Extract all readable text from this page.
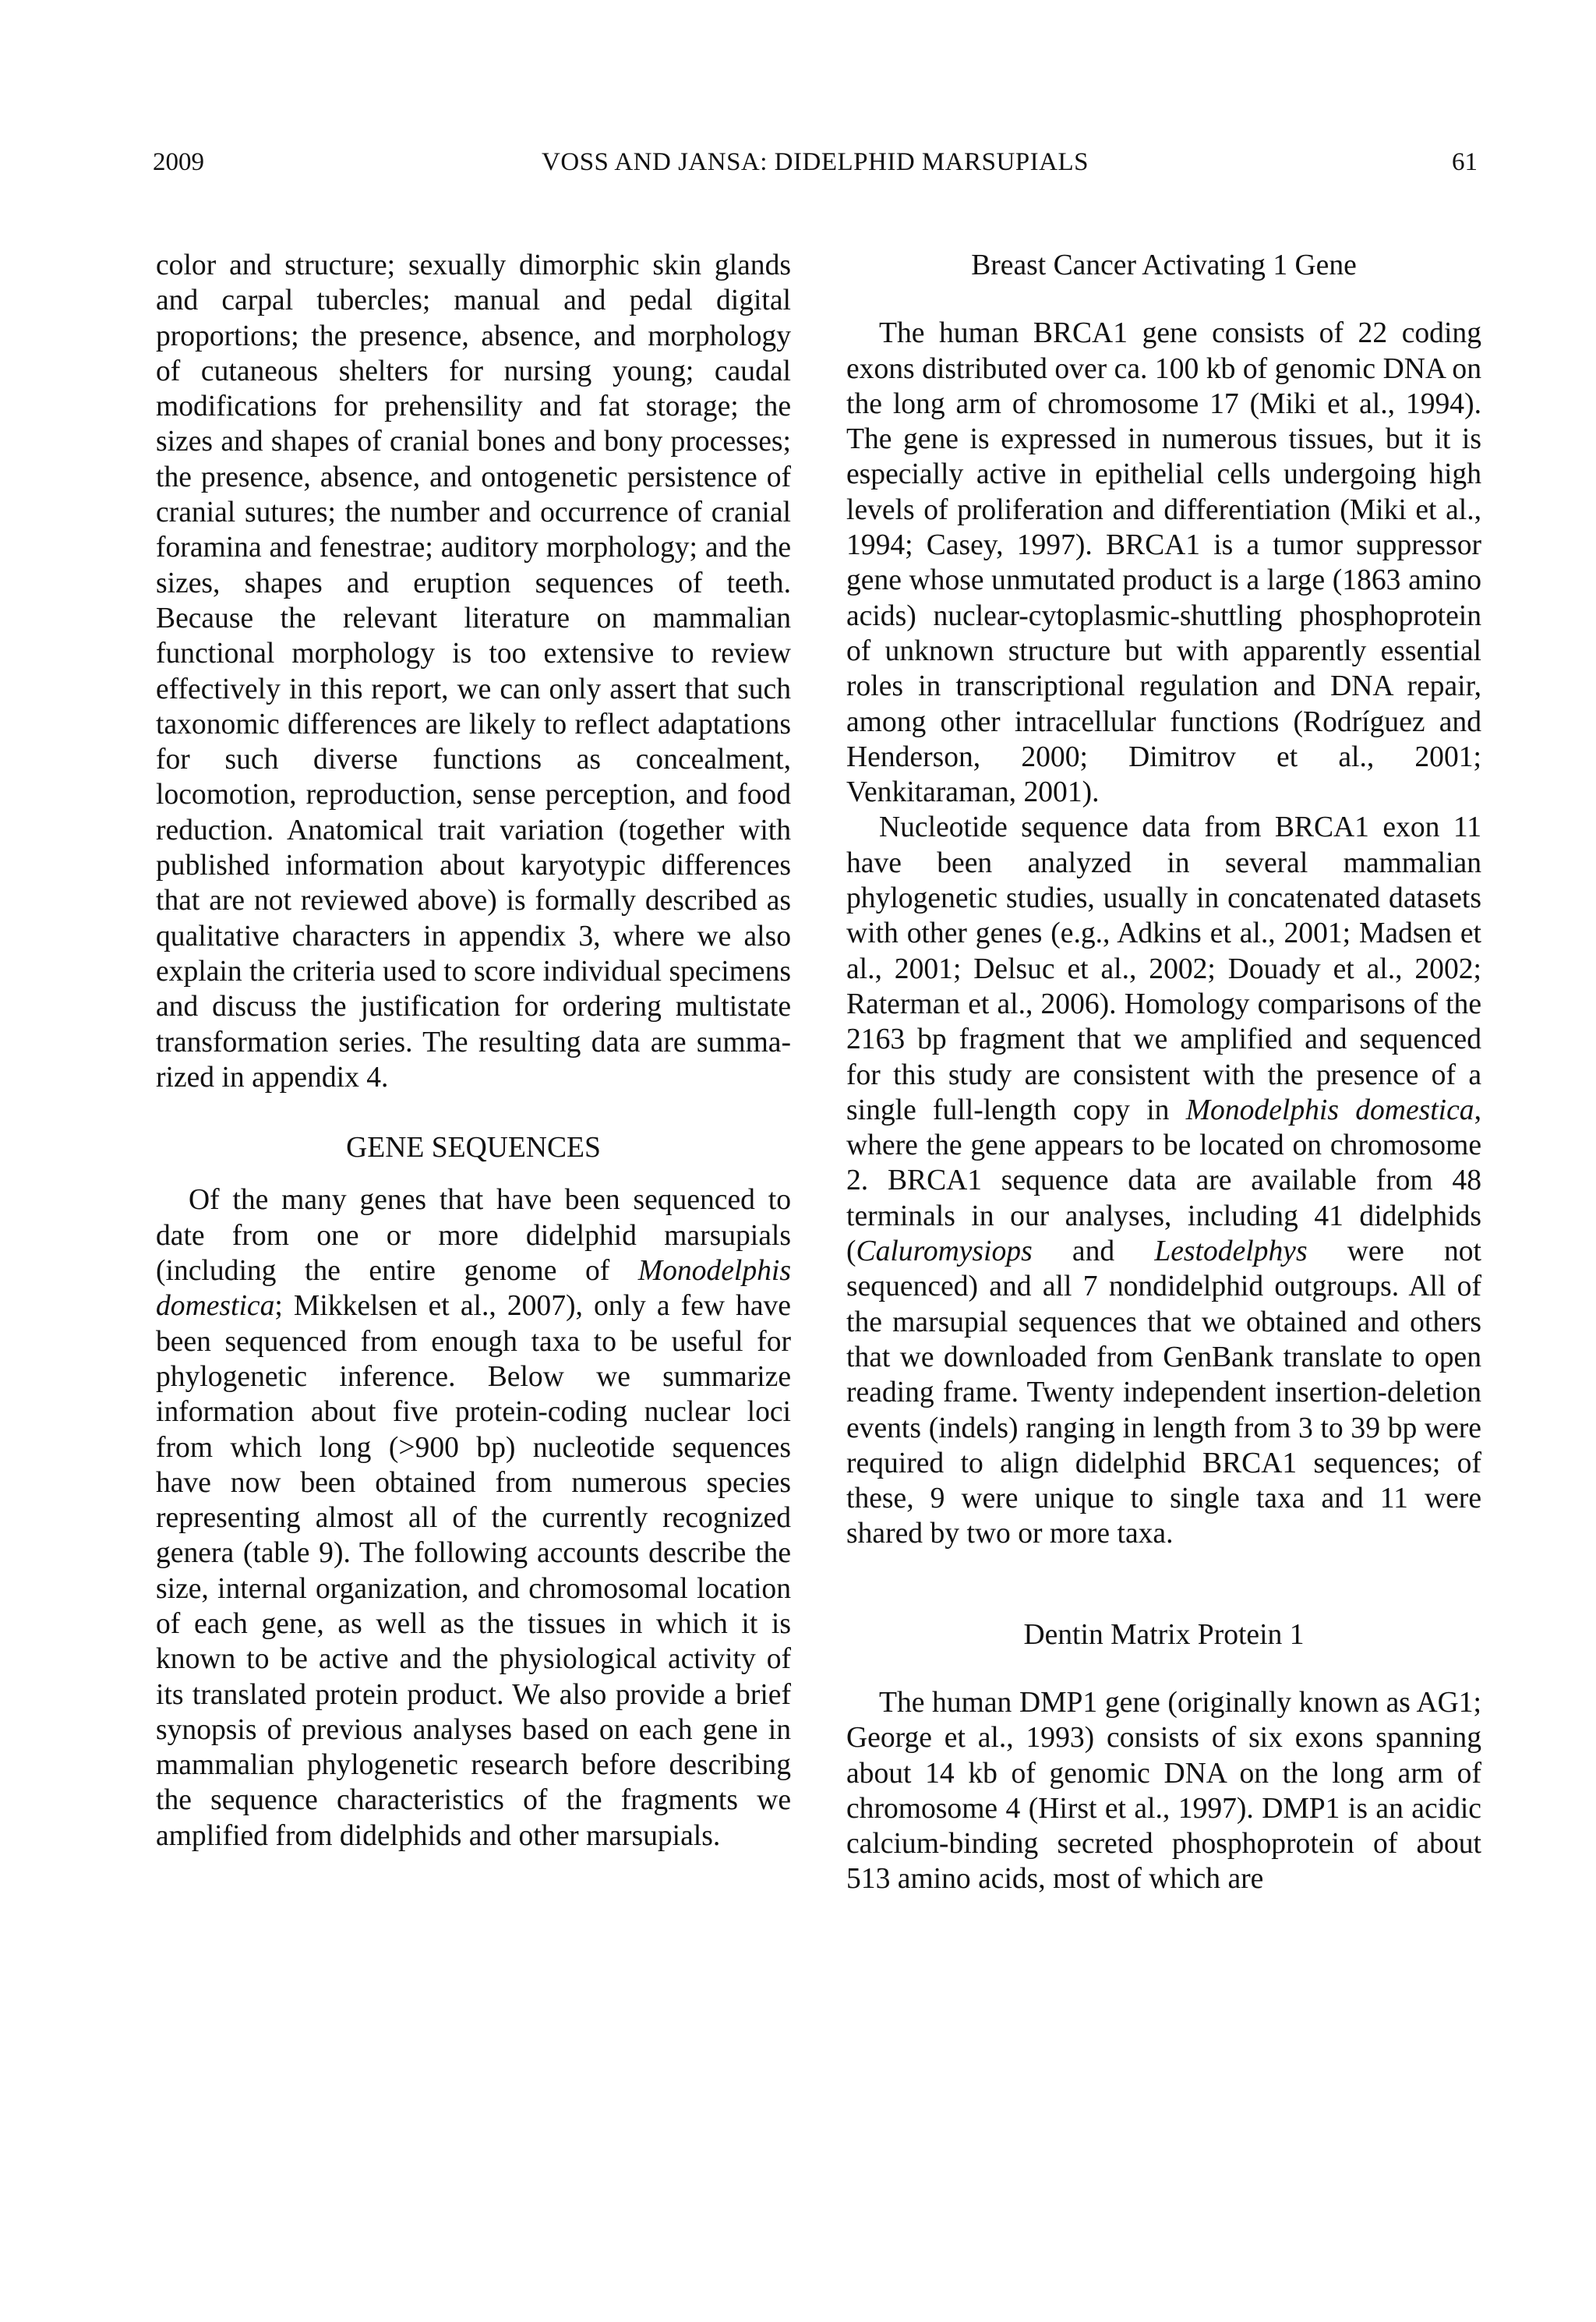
2009	VOSS AND JANSA: DIDELPHID MARSUPIALS	61

color and structure; sexually dimorphic skin glands and carpal tubercles; manual and pedal digital proportions; the presence, absence, and morphology of cutaneous shelters for nursing young; caudal modifications for prehensility and fat storage; the sizes and shapes of cranial bones and bony processes; the presence, absence, and ontogenetic persistence of cranial sutures; the number and occurrence of cranial foramina and fenestrae; auditory morphology; and the sizes, shapes and eruption sequences of teeth. Because the relevant literature on mammalian functional morphology is too extensive to review effectively in this report, we can only assert that such taxonomic differences are likely to reflect adaptations for such diverse functions as concealment, locomotion, reproduction, sense perception, and food reduction. Anatomical trait variation (together with published information about karyotypic differences that are not reviewed above) is formally described as qualitative characters in appendix 3, where we also explain the criteria used to score individual specimens and discuss the justification for ordering multistate transformation series. The resulting data are summarized in appendix 4.

GENE SEQUENCES

Of the many genes that have been sequenced to date from one or more didelphid marsupials (including the entire genome of Monodelphis domestica; Mikkelsen et al., 2007), only a few have been sequenced from enough taxa to be useful for phylogenetic inference. Below we summarize information about five protein-coding nuclear loci from which long (>900 bp) nucleotide sequences have now been obtained from numerous species representing almost all of the currently recognized genera (table 9). The following accounts describe the size, internal organization, and chromosomal location of each gene, as well as the tissues in which it is known to be active and the physiological activity of its translated protein product. We also provide a brief synopsis of previous analyses based on each gene in mammalian phylogenetic research before describing the sequence characteristics of the fragments we amplified from didelphids and other marsupials.

Breast Cancer Activating 1 Gene

The human BRCA1 gene consists of 22 coding exons distributed over ca. 100 kb of genomic DNA on the long arm of chromosome 17 (Miki et al., 1994). The gene is expressed in numerous tissues, but it is especially active in epithelial cells undergoing high levels of proliferation and differentiation (Miki et al., 1994; Casey, 1997). BRCA1 is a tumor suppressor gene whose unmutated product is a large (1863 amino acids) nuclear-cytoplasmic-shuttling phosphoprotein of unknown structure but with apparently essential roles in transcriptional regulation and DNA repair, among other intracellular functions (Rodríguez and Henderson, 2000; Dimitrov et al., 2001; Venkitaraman, 2001).

Nucleotide sequence data from BRCA1 exon 11 have been analyzed in several mammalian phylogenetic studies, usually in concatenated datasets with other genes (e.g., Adkins et al., 2001; Madsen et al., 2001; Delsuc et al., 2002; Douady et al., 2002; Raterman et al., 2006). Homology comparisons of the 2163 bp fragment that we amplified and sequenced for this study are consistent with the presence of a single full-length copy in Monodelphis domestica, where the gene appears to be located on chromosome 2. BRCA1 sequence data are available from 48 terminals in our analyses, including 41 didelphids (Caluromysiops and Lestodelphys were not sequenced) and all 7 nondidelphid outgroups. All of the marsupial sequences that we obtained and others that we downloaded from GenBank translate to open reading frame. Twenty independent insertion-deletion events (indels) ranging in length from 3 to 39 bp were required to align didelphid BRCA1 sequences; of these, 9 were unique to single taxa and 11 were shared by two or more taxa.

Dentin Matrix Protein 1

The human DMP1 gene (originally known as AG1; George et al., 1993) consists of six exons spanning about 14 kb of genomic DNA on the long arm of chromosome 4 (Hirst et al., 1997). DMP1 is an acidic calcium-binding secreted phosphoprotein of about 513 amino acids, most of which are
